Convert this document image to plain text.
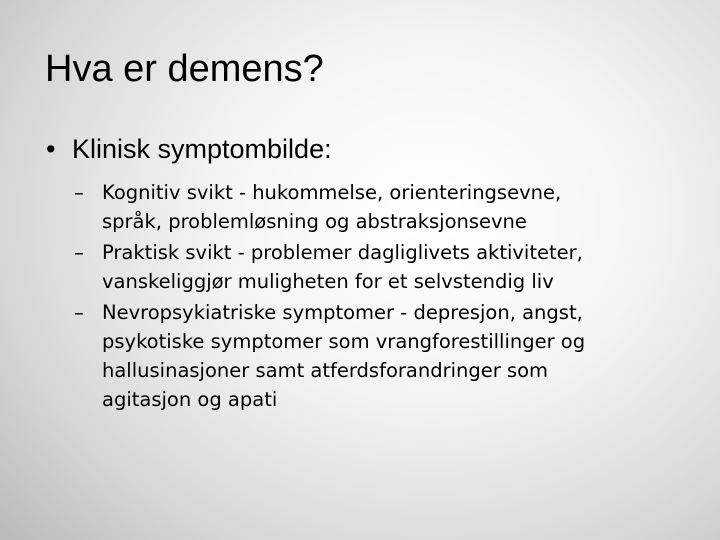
Hva er demens?

• Klinisk symptombilde:

– Kognitiv svikt - hukommelse, orienteringsevne,
språk, problemløsning og abstraksjonsevne
– Praktisk svikt - problemer dagliglivets aktiviteter,
vanskeliggjør muligheten for et selvstendig liv
– Nevropsykiatriske symptomer - depresjon, angst,
psykotiske symptomer som vrangforestillinger og
hallusinasjoner samt atferdsforandringer som
agitasjon og apati
